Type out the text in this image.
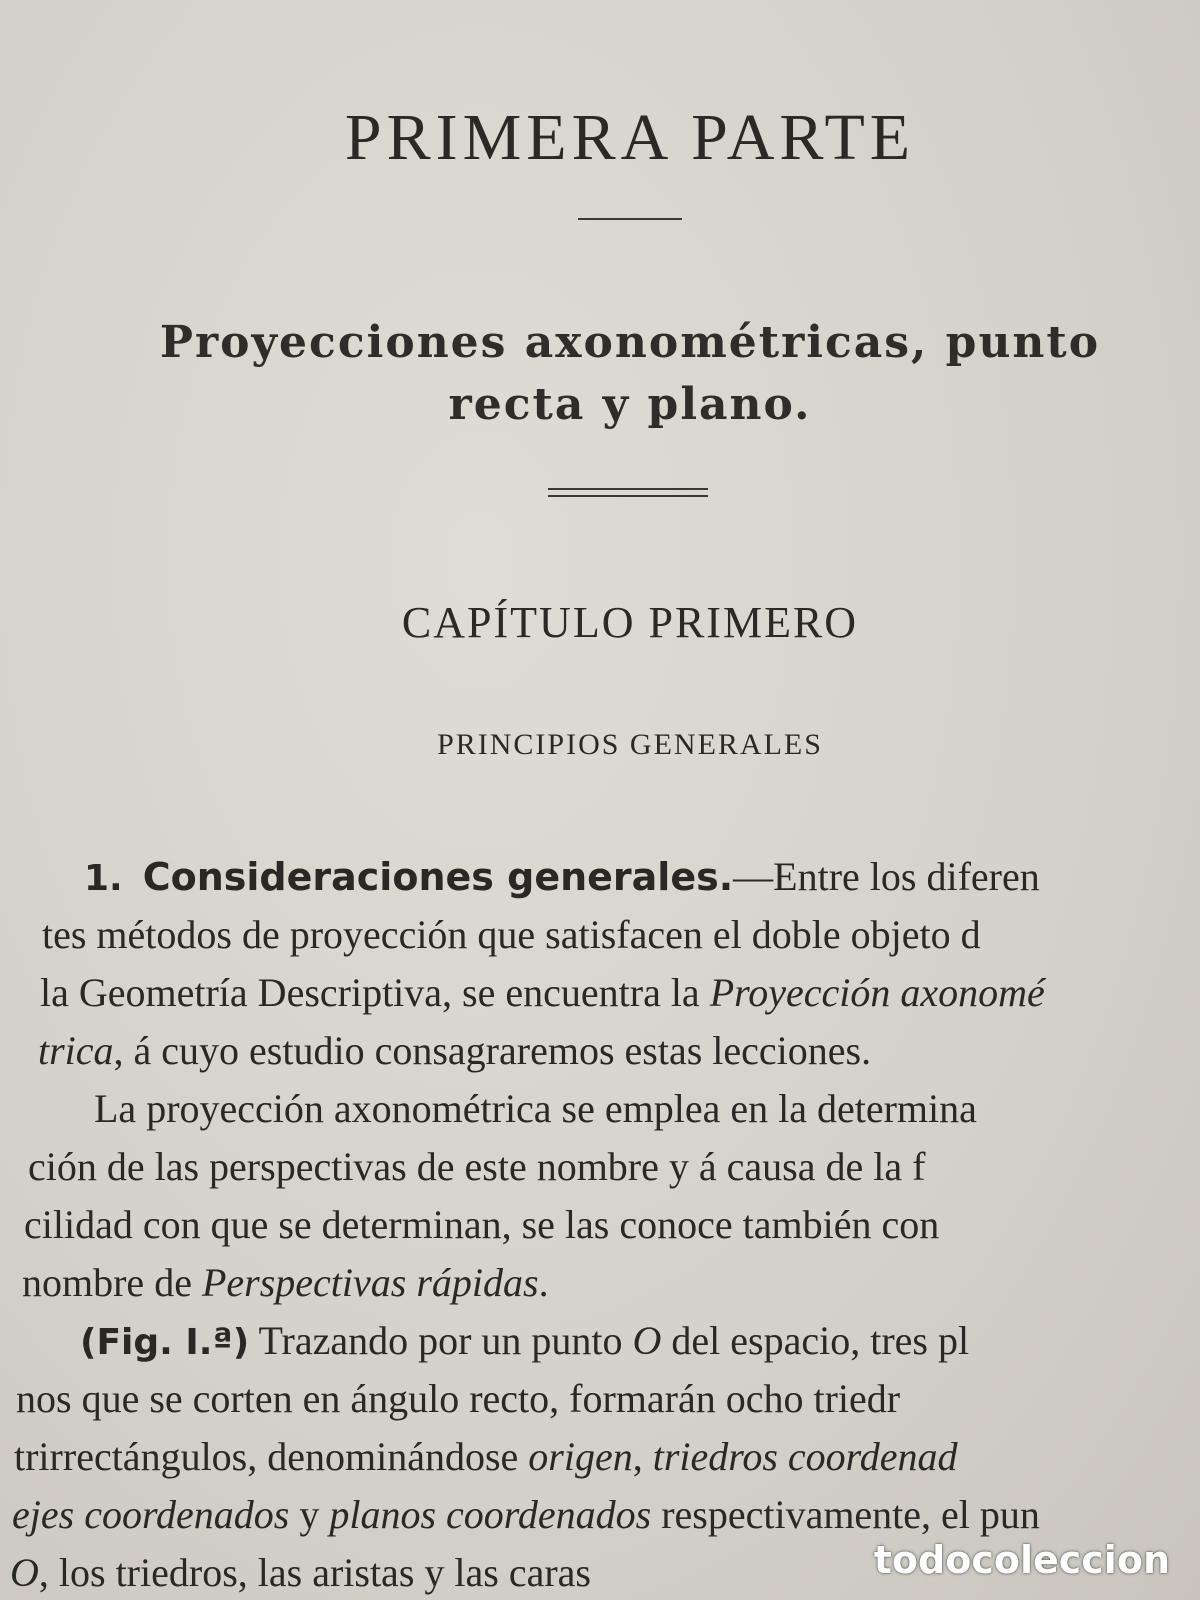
PRIMERA PARTE
Proyecciones axonométricas, punto
recta y plano.
CAPÍTULO PRIMERO
PRINCIPIOS GENERALES
1. Consideraciones generales.—Entre los diferen
tes métodos de proyección que satisfacen el doble objeto d
la Geometría Descriptiva, se encuentra la Proyección axonomé
trica, á cuyo estudio consagraremos estas lecciones.
La proyección axonométrica se emplea en la determina
ción de las perspectivas de este nombre y á causa de la f
cilidad con que se determinan, se las conoce también con
nombre de Perspectivas rápidas.
(Fig. I.ª) Trazando por un punto O del espacio, tres pl
nos que se corten en ángulo recto, formarán ocho triedr
trirrectángulos, denominándose origen, triedros coordenad
ejes coordenados y planos coordenados respectivamente, el pun
O, los triedros, las aristas y las caras	todocoleccion
